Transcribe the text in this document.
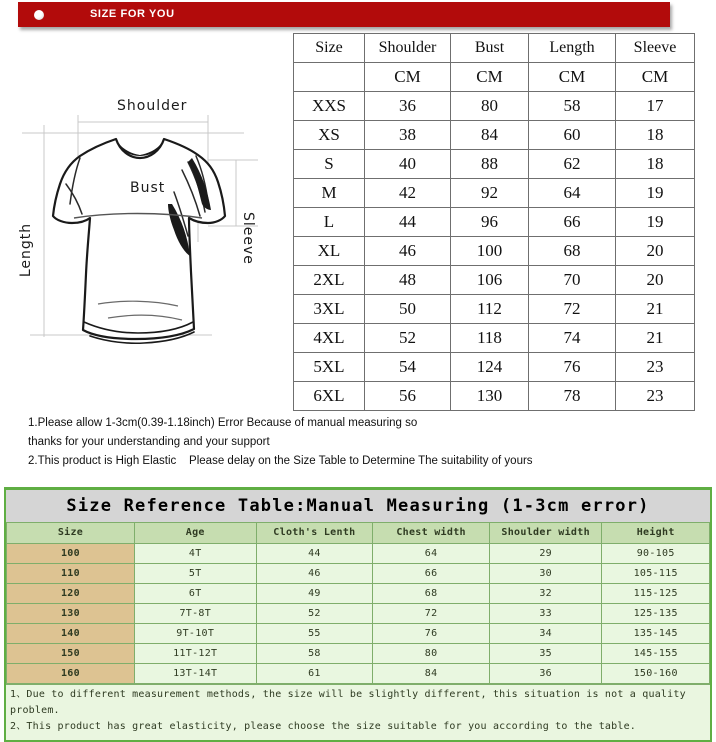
SIZE FOR YOU
Shoulder
Bust
Length	Sleeve
Size	Shoulder	Bust	Length	Sleeve
	CM	CM	CM	CM
XXS	36	80	58	17
XS	38	84	60	18
S	40	88	62	18
M	42	92	64	19
L	44	96	66	19
XL	46	100	68	20
2XL	48	106	70	20
3XL	50	112	72	21
4XL	52	118	74	21
5XL	54	124	76	23
6XL	56	130	78	23
1.Please allow 1-3cm(0.39-1.18inch) Error Because of manual measuring so
thanks for your understanding and your support
2.This product is High Elastic    Please delay on the Size Table to Determine The suitability of yours
Size Reference Table:Manual Measuring (1-3cm error)					
Size	Age	Cloth's Lenth	Chest width	Shoulder width	Height
100	4T	44	64	29	90-105
110	5T	46	66	30	105-115
120	6T	49	68	32	115-125
130	7T-8T	52	72	33	125-135
140	9T-10T	55	76	34	135-145
150	11T-12T	58	80	35	145-155
160	13T-14T	61	84	36	150-160
1、Due to different measurement methods, the size will be slightly different, this situation is not a quality problem.
2、This product has great elasticity, please choose the size suitable for you according to the table.
